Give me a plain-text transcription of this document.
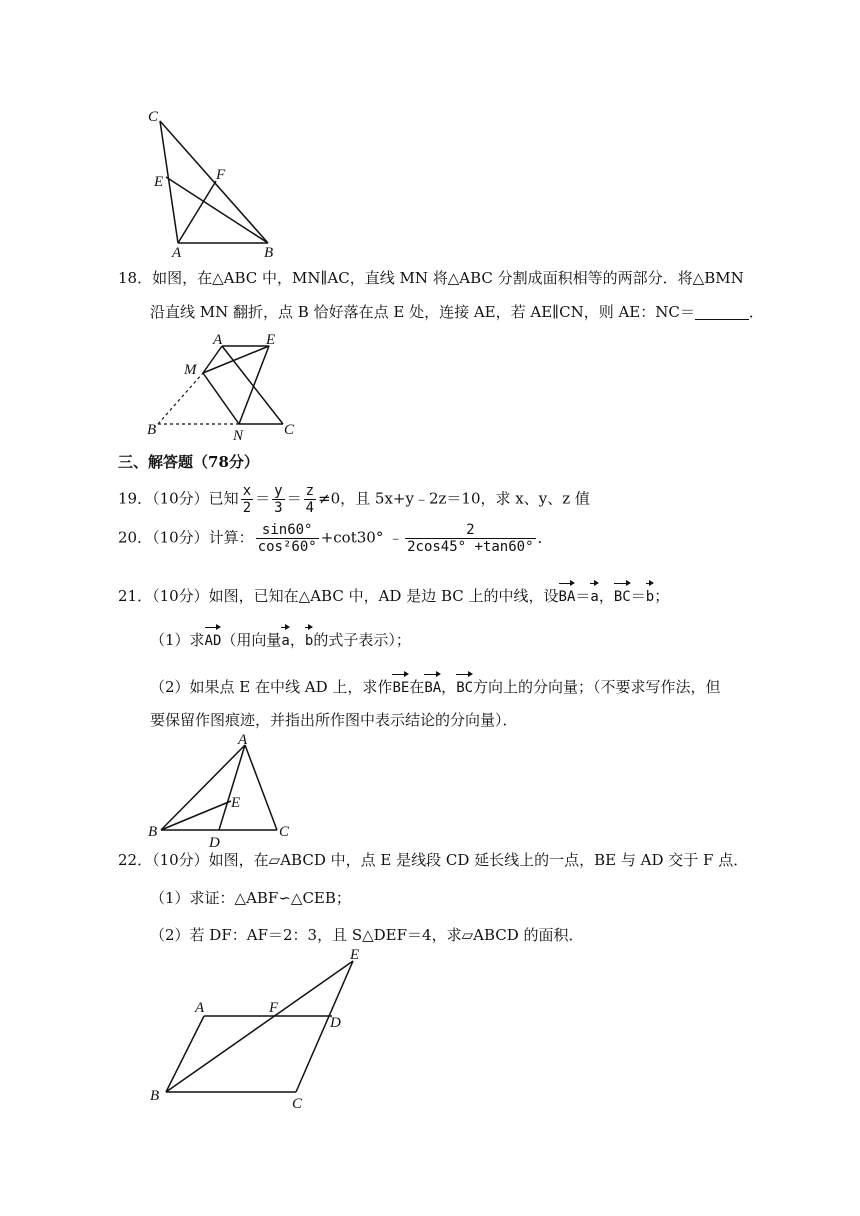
C
E	F
A	B
18．如图，在△ABC 中，MN∥AC，直线 MN 将△ABC 分割成面积相等的两部分．将△BMN
沿直线 MN 翻折，点 B 恰好落在点 E 处，连接 AE，若 AE∥CN，则 AE：NC＝	．
A	E
M
B	N	C
三、解答题（78分）
19．（10分）已知 $\frac{x}{2} = \frac{y}{3} = \frac{z}{4} \ne 0$，且 5x+y﹣2z＝10，求 x、y、z 值
20．（10分）计算： $\frac{\sin 60^\circ}{\text{cos²60°}} +\cot 30^\circ$ ﹣ $\frac{2}{2\cos 45^\circ +\tan 60^\circ}$ ．
21．（10分）如图，已知在△ABC 中，AD 是边 BC 上的中线，设BA＝a，BC＝b；
（1）求AD（用向量a，b的式子表示）；
（2）如果点 E 在中线 AD 上，求作BE在BA，BC方向上的分向量；（不要求写作法，但
要保留作图痕迹，并指出所作图中表示结论的分向量）．
A
E
B
D
C
22．（10分）如图，在▱ABCD 中，点 E 是线段 CD 延长线上的一点，BE 与 AD 交于 F 点．
（1）求证：△ABF∽△CEB；
（2）若 DF：AF＝2：3，且 S△DEF＝4，求▱ABCD 的面积．
E
A	F
D
B	C
